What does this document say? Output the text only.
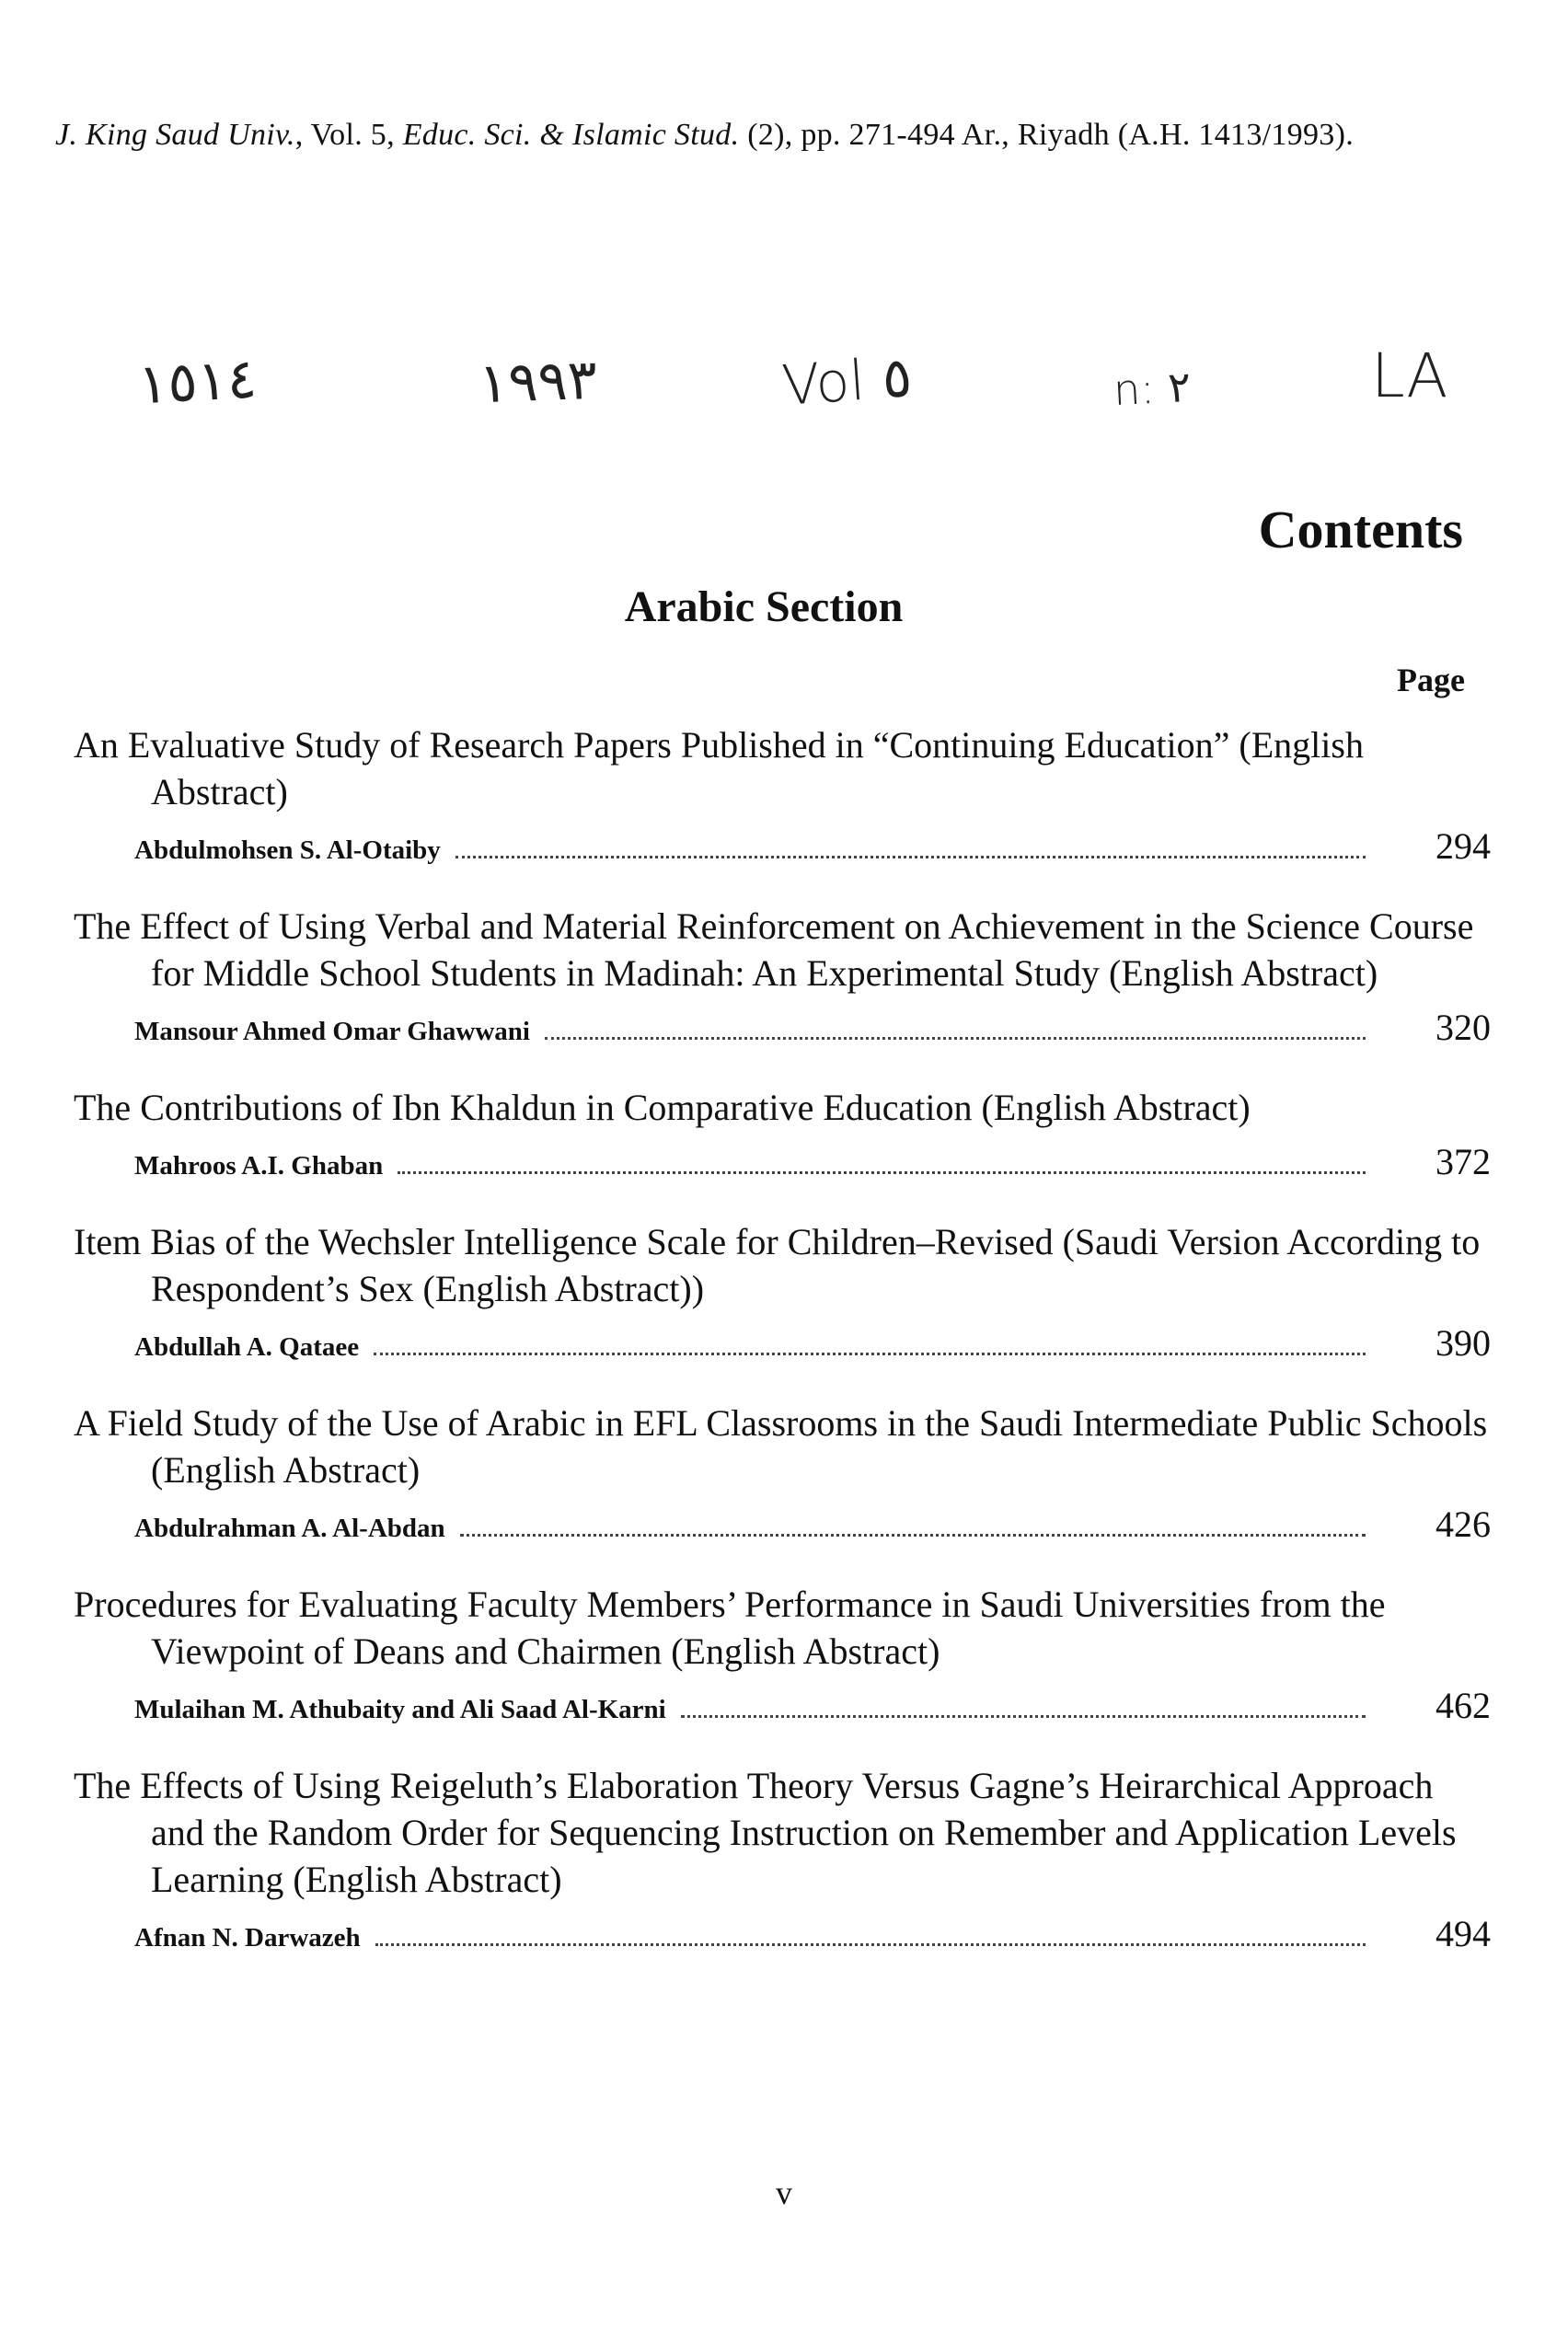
J. King Saud Univ., Vol. 5, Educ. Sci. & Islamic Stud. (2), pp. 271-494 Ar., Riyadh (A.H. 1413/1993).
١٥١٤	١٩٩٣	Vol ٥	n: ٢	LA
Contents
Arabic Section
Page

An Evaluative Study of Research Papers Published in “Continuing Education” (English Abstract)

Abdulmohsen S. Al-Otaiby	294

The Effect of Using Verbal and Material Reinforcement on Achievement in the Science Course for Middle School Students in Madinah: An Experimental Study (English Abstract)

Mansour Ahmed Omar Ghawwani	320

The Contributions of Ibn Khaldun in Comparative Education (English Abstract)

Mahroos A.I. Ghaban	372

Item Bias of the Wechsler Intelligence Scale for Children–Revised (Saudi Version According to Respondent’s Sex (English Abstract))

Abdullah A. Qataee	390

A Field Study of the Use of Arabic in EFL Classrooms in the Saudi Intermediate Public Schools (English Abstract)

Abdulrahman A. Al-Abdan	426

Procedures for Evaluating Faculty Members’ Performance in Saudi Universities from the Viewpoint of Deans and Chairmen (English Abstract)

Mulaihan M. Athubaity and Ali Saad Al-Karni	462

The Effects of Using Reigeluth’s Elaboration Theory Versus Gagne’s Heirarchical Approach and the Random Order for Sequencing Instruction on Remember and Application Levels Learning (English Abstract)

Afnan N. Darwazeh	494
v
